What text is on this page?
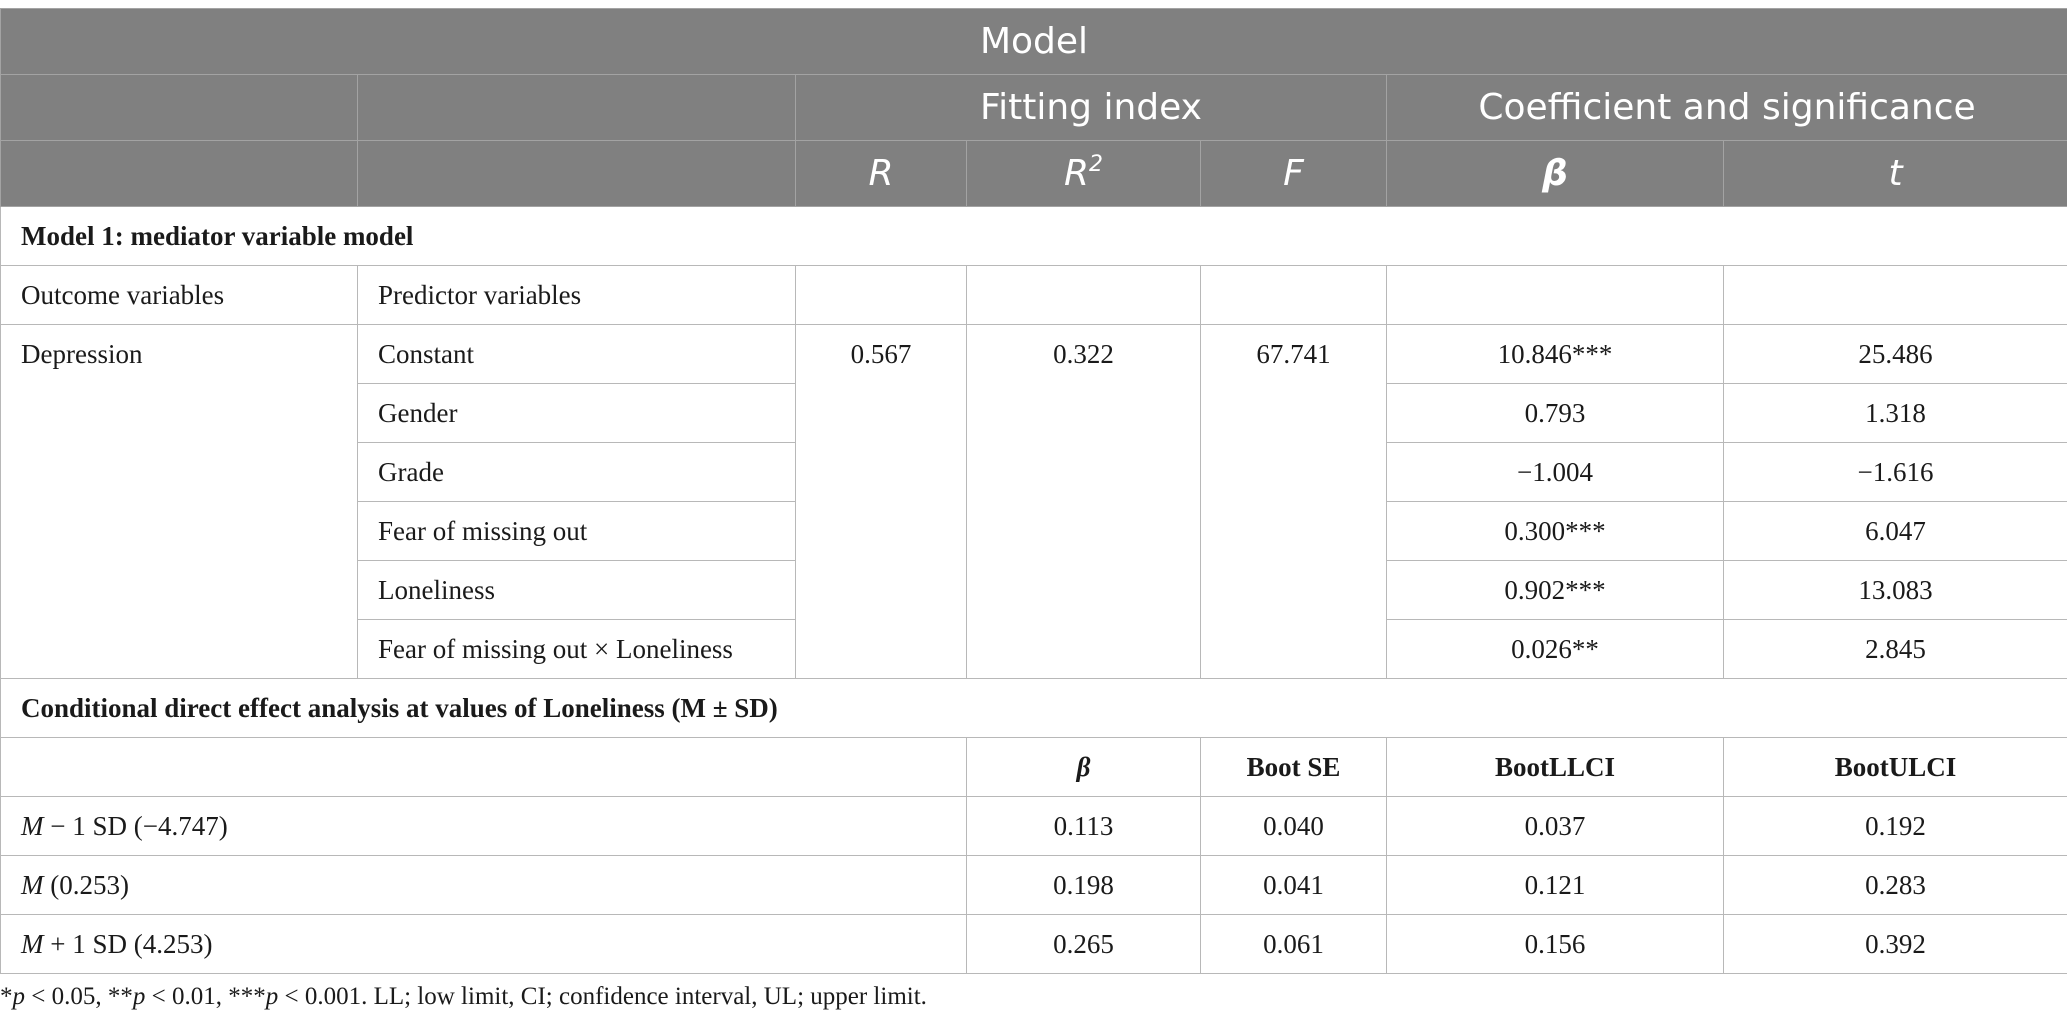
Model						
		Fitting index			Coefficient and significance	
		R	$R^2$	F	β	t
Model 1: mediator variable model						
Outcome variables	Predictor variables					
Depression	Constant	0.567	0.322	67.741	10.846***	25.486
	Gender				0.793	1.318
	Grade				−1.004	−1.616
	Fear of missing out				0.300***	6.047
	Loneliness				0.902***	13.083
	Fear of missing out × Loneliness				0.026**	2.845
Conditional direct effect analysis at values of Loneliness (M ± SD)						
			β	Boot SE	BootLLCI	BootULCI
M − 1 SD (−4.747)			0.113	0.040	0.037	0.192
M (0.253)			0.198	0.041	0.121	0.283
M + 1 SD (4.253)			0.265	0.061	0.156	0.392
*p < 0.05, **p < 0.01, ***p < 0.001. LL; low limit, CI; confidence interval, UL; upper limit.
